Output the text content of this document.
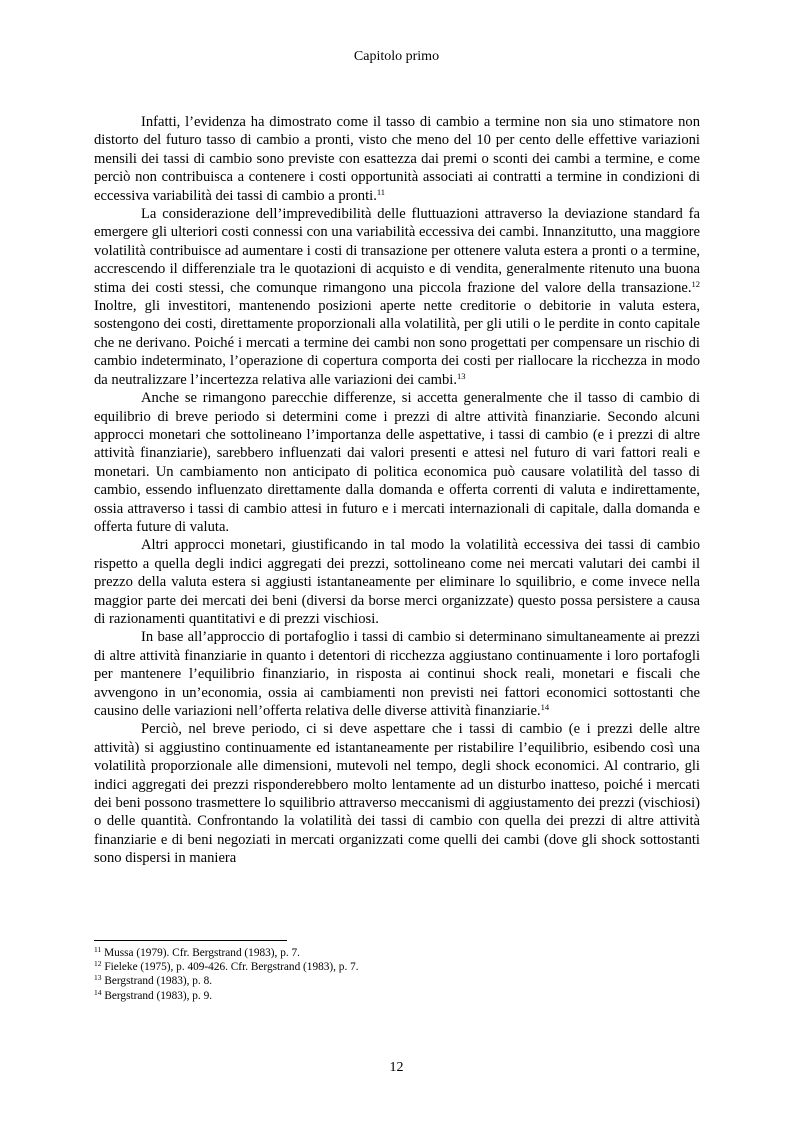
Capitolo primo

Infatti, l’evidenza ha dimostrato come il tasso di cambio a termine non sia uno stimatore non distorto del futuro tasso di cambio a pronti, visto che meno del 10 per cento delle effettive variazioni mensili dei tassi di cambio sono previste con esattezza dai premi o sconti dei cambi a termine, e come perciò non contribuisca a contenere i costi opportunità associati ai contratti a termine in condizioni di eccessiva variabilità dei tassi di cambio a pronti.$^{11}$

La considerazione dell’imprevedibilità delle fluttuazioni attraverso la deviazione standard fa emergere gli ulteriori costi connessi con una variabilità eccessiva dei cambi. Innanzitutto, una maggiore volatilità contribuisce ad aumentare i costi di transazione per ottenere valuta estera a pronti o a termine, accrescendo il differenziale tra le quotazioni di acquisto e di vendita, generalmente ritenuto una buona stima dei costi stessi, che comunque rimangono una piccola frazione del valore della transazione.$^{12}$ Inoltre, gli investitori, mantenendo posizioni aperte nette creditorie o debitorie in valuta estera, sostengono dei costi, direttamente proporzionali alla volatilità, per gli utili o le perdite in conto capitale che ne derivano. Poiché i mercati a termine dei cambi non sono progettati per compensare un rischio di cambio indeterminato, l’operazione di copertura comporta dei costi per riallocare la ricchezza in modo da neutralizzare l’incertezza relativa alle variazioni dei cambi.$^{13}$

Anche se rimangono parecchie differenze, si accetta generalmente che il tasso di cambio di equilibrio di breve periodo si determini come i prezzi di altre attività finanziarie. Secondo alcuni approcci monetari che sottolineano l’importanza delle aspettative, i tassi di cambio (e i prezzi di altre attività finanziarie), sarebbero influenzati dai valori presenti e attesi nel futuro di vari fattori reali e monetari. Un cambiamento non anticipato di politica economica può causare volatilità del tasso di cambio, essendo influenzato direttamente dalla domanda e offerta correnti di valuta e indirettamente, ossia attraverso i tassi di cambio attesi in futuro e i mercati internazionali di capitale, dalla domanda e offerta future di valuta.

Altri approcci monetari, giustificando in tal modo la volatilità eccessiva dei tassi di cambio rispetto a quella degli indici aggregati dei prezzi, sottolineano come nei mercati valutari dei cambi il prezzo della valuta estera si aggiusti istantaneamente per eliminare lo squilibrio, e come invece nella maggior parte dei mercati dei beni (diversi da borse merci organizzate) questo possa persistere a causa di razionamenti quantitativi e di prezzi vischiosi.

In base all’approccio di portafoglio i tassi di cambio si determinano simultaneamente ai prezzi di altre attività finanziarie in quanto i detentori di ricchezza aggiustano continuamente i loro portafogli per mantenere l’equilibrio finanziario, in risposta ai continui shock reali, monetari e fiscali che avvengono in un’economia, ossia ai cambiamenti non previsti nei fattori economici sottostanti che causino delle variazioni nell’offerta relativa delle diverse attività finanziarie.$^{14}$

Perciò, nel breve periodo, ci si deve aspettare che i tassi di cambio (e i prezzi delle altre attività) si aggiustino continuamente ed istantaneamente per ristabilire l’equilibrio, esibendo così una volatilità proporzionale alle dimensioni, mutevoli nel tempo, degli shock economici. Al contrario, gli indici aggregati dei prezzi risponderebbero molto lentamente ad un disturbo inatteso, poiché i mercati dei beni possono trasmettere lo squilibrio attraverso meccanismi di aggiustamento dei prezzi (vischiosi) o delle quantità. Confrontando la volatilità dei tassi di cambio con quella dei prezzi di altre attività finanziarie e di beni negoziati in mercati organizzati come quelli dei cambi (dove gli shock sottostanti sono dispersi in maniera

$^{11}$ Mussa (1979). Cfr. Bergstrand (1983), p. 7.
$^{12}$ Fieleke (1975), p. 409-426. Cfr. Bergstrand (1983), p. 7.
$^{13}$ Bergstrand (1983), p. 8.
$^{14}$ Bergstrand (1983), p. 9.
12
